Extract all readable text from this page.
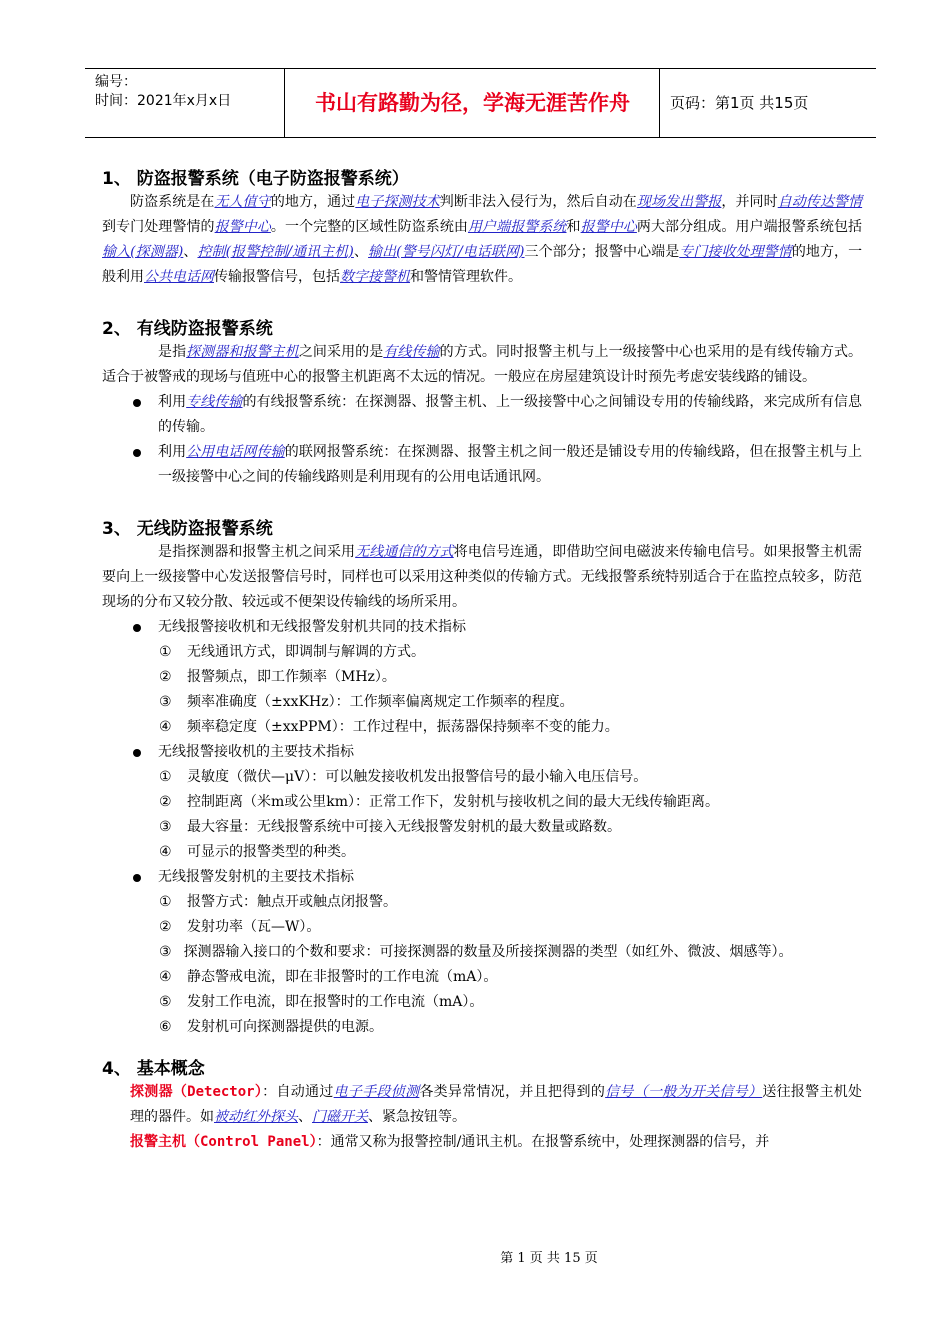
编号：
时间：2021年x月x日	书山有路勤为径，学海无涯苦作舟	页码：第1页 共15页
1、 防盗报警系统（电子防盗报警系统）

防盗系统是在无人值守的地方，通过电子探测技术判断非法入侵行为，然后自动在现场发出警报，并同时自动传达警情到专门处理警情的报警中心。一个完整的区域性防盗系统由用户端报警系统和报警中心两大部分组成。用户端报警系统包括输入(探测器)、控制(报警控制/通讯主机)、输出(警号闪灯/电话联网)三个部分；报警中心端是专门接收处理警情的地方，一般利用公共电话网传输报警信号，包括数字接警机和警情管理软件。

2、 有线防盗报警系统

是指探测器和报警主机之间采用的是有线传输的方式。同时报警主机与上一级接警中心也采用的是有线传输方式。适合于被警戒的现场与值班中心的报警主机距离不太远的情况。一般应在房屋建筑设计时预先考虑安装线路的铺设。

利用专线传输的有线报警系统：在探测器、报警主机、上一级接警中心之间铺设专用的传输线路，来完成所有信息的传输。
利用公用电话网传输的联网报警系统：在探测器、报警主机之间一般还是铺设专用的传输线路，但在报警主机与上一级接警中心之间的传输线路则是利用现有的公用电话通讯网。
3、 无线防盗报警系统

是指探测器和报警主机之间采用无线通信的方式将电信号连通，即借助空间电磁波来传输电信号。如果报警主机需要向上一级接警中心发送报警信号时，同样也可以采用这种类似的传输方式。无线报警系统特别适合于在监控点较多，防范现场的分布又较分散、较远或不便架设传输线的场所采用。

无线报警接收机和无线报警发射机共同的技术指标
① 无线通讯方式，即调制与解调的方式。
② 报警频点，即工作频率（MHz）。
③ 频率准确度（±xxKHz）：工作频率偏离规定工作频率的程度。
④ 频率稳定度（±xxPPM）：工作过程中，振荡器保持频率不变的能力。
无线报警接收机的主要技术指标
① 灵敏度（微伏—μV）：可以触发接收机发出报警信号的最小输入电压信号。
② 控制距离（米m或公里km）：正常工作下，发射机与接收机之间的最大无线传输距离。
③ 最大容量：无线报警系统中可接入无线报警发射机的最大数量或路数。
④ 可显示的报警类型的种类。
无线报警发射机的主要技术指标
① 报警方式：触点开或触点闭报警。
② 发射功率（瓦—W）。
③ 探测器输入接口的个数和要求：可接探测器的数量及所接探测器的类型（如红外、微波、烟感等）。
④ 静态警戒电流，即在非报警时的工作电流（mA）。
⑤ 发射工作电流，即在报警时的工作电流（mA）。
⑥ 发射机可向探测器提供的电源。
4、 基本概念

探测器（Detector）：自动通过电子手段侦测各类异常情况，并且把得到的信号（一般为开关信号）送往报警主机处理的器件。如被动红外探头、门磁开关、紧急按钮等。

报警主机（Control Panel）：通常又称为报警控制/通讯主机。在报警系统中，处理探测器的信号，并

第 1 页 共 15 页
